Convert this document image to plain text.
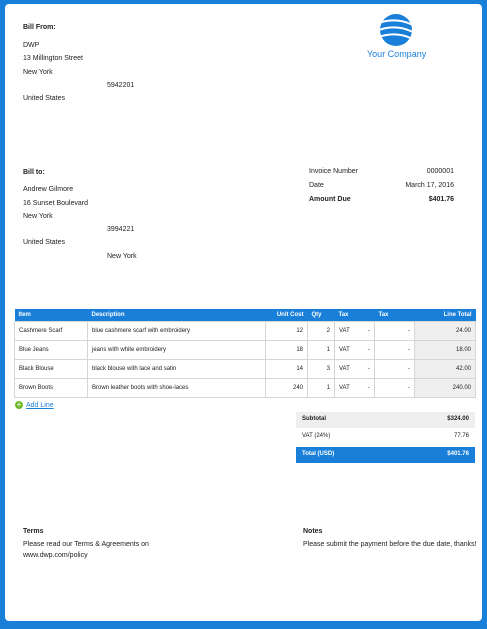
Your Company
Bill From:
DWP
13 Millington Street
New York
5942201
United States
Bill to:
Andrew Gilmore
16 Sunset Boulevard
New York
3994221
United States
New York
Invoice Number	0000001
Date	March 17, 2016
Amount Due	$401.76
Item	Description	Unit Cost	Qty	Tax	Tax	Line Total
Cashmere Scarf	blue cashmere scarf with embroidery	12	2	VAT -	-	24.00
Blue Jeans	jeans with white embroidery	18	1	VAT -	-	18.00
Black Blouse	black blouse with lace and satin	14	3	VAT -	-	42.00
Brown Boots	Brown leather boots with shoe-laces	240	1	VAT -	-	240.00
+ Add Line
Subtotal	$324.00
VAT (24%)	77.76
Total (USD)	$401.76
Terms
Please read our Terms & Agreements on
www.dwp.com/policy
Notes
Please submit the payment before the due date, thanks!
